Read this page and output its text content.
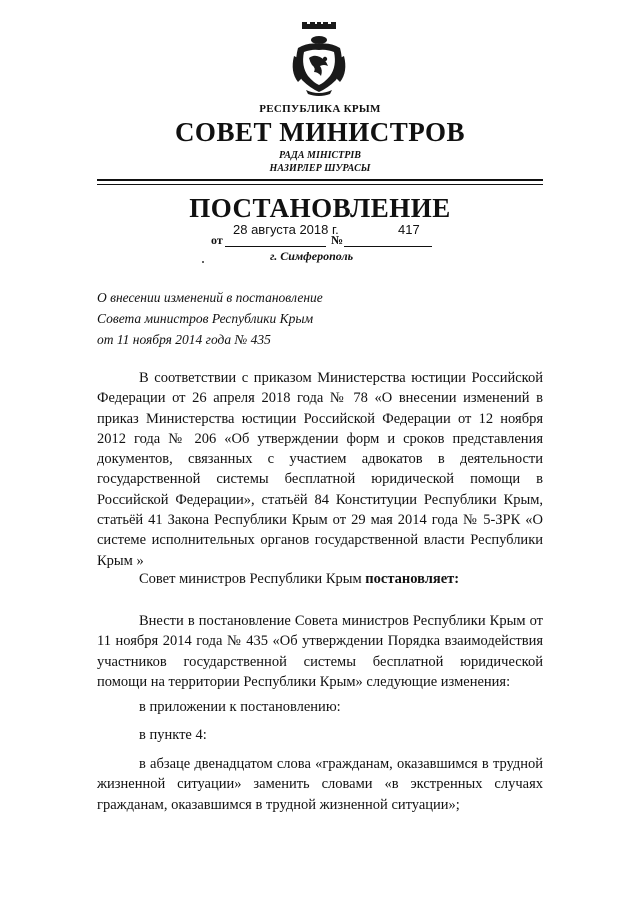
РЕСПУБЛИКА КРЫМ
СОВЕТ МИНИСТРОВ
РАДА МІНІСТРІВ
НАЗИРЛЕР ШУРАСЫ
ПОСТАНОВЛЕНИЕ
28 августа 2018 г.	417
от	№
г. Симферополь
О внесении изменений в постановление
Совета министров Республики Крым
от 11 ноября 2014 года № 435
В соответствии с приказом Министерства юстиции Российской Федерации от 26 апреля 2018 года № 78 «О внесении изменений в приказ Министерства юстиции Российской Федерации от 12 ноября 2012 года № 206 «Об утверждении форм и сроков представления документов, связанных с участием адвокатов в деятельности государственной системы бесплатной юридической помощи в Российской Федерации», статьёй 84 Конституции Республики Крым, статьёй 41 Закона Республики Крым от 29 мая 2014 года № 5-ЗРК «О системе исполнительных органов государственной власти Республики Крым »
Совет министров Республики Крым постановляет:
Внести в постановление Совета министров Республики Крым от 11 ноября 2014 года № 435 «Об утверждении Порядка взаимодействия участников государственной системы бесплатной юридической помощи на территории Республики Крым» следующие изменения:
в приложении к постановлению:
в пункте 4:
в абзаце двенадцатом слова «гражданам, оказавшимся в трудной жизненной ситуации» заменить словами «в экстренных случаях гражданам, оказавшимся в трудной жизненной ситуации»;
